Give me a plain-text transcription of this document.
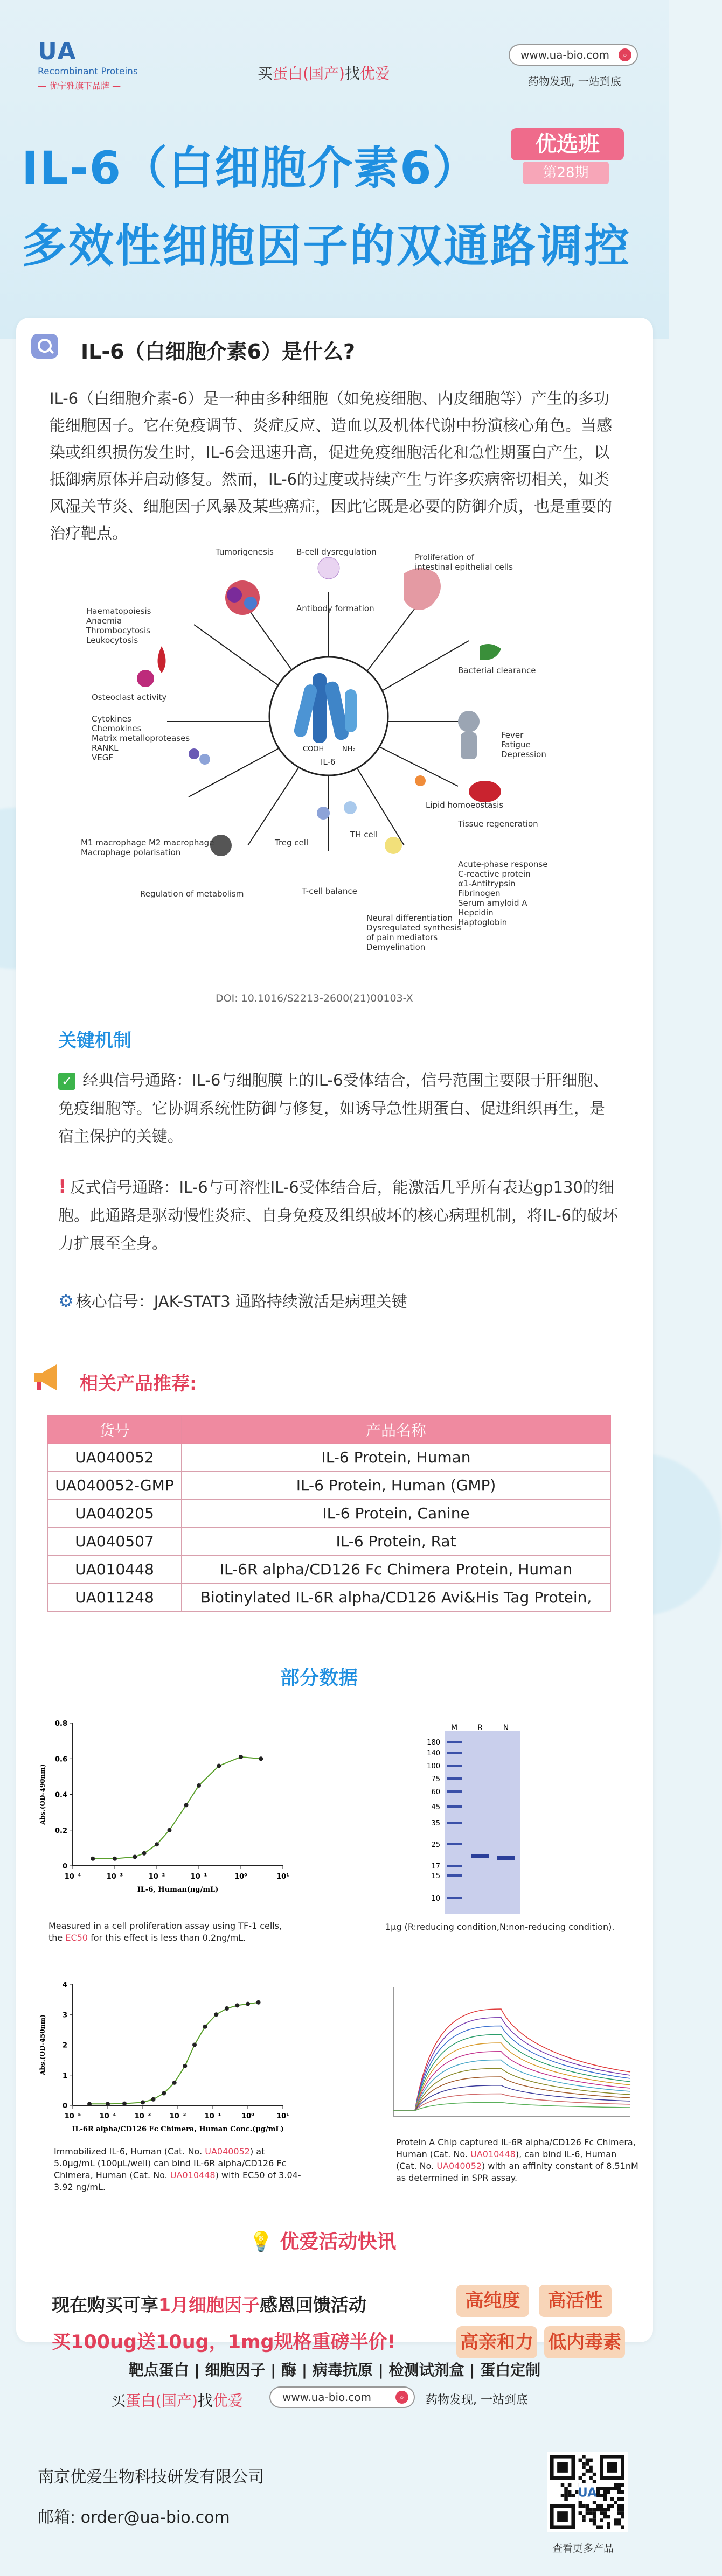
UA
Recombinant Proteins
— 优宁雅旗下品牌 —
买蛋白(国产)找优爱
www.ua-bio.com	⌕
药物发现, 一站到底
IL-6（白细胞介素6）	优选班
第28期
多效性细胞因子的双通路调控
IL-6（白细胞介素6）是什么?
IL-6（白细胞介素-6）是一种由多种细胞（如免疫细胞、内皮细胞等）产生的多功能细胞因子。它在免疫调节、炎症反应、造血以及机体代谢中扮演核心角色。当感染或组织损伤发生时，IL-6会迅速升高，促进免疫细胞活化和急性期蛋白产生，以抵御病原体并启动修复。然而，IL-6的过度或持续产生与许多疾病密切相关，如类风湿关节炎、细胞因子风暴及某些癌症，因此它既是必要的防御介质，也是重要的治疗靶点。
COOH	NH₂
IL-6
Haematopoiesis Anaemia Thrombocytosis Leukocytosis Tumorigenesis	B-cell dysregulation Antibody formation Proliferation of intestinal epithelial cells Osteoclast activity Cytokines Chemokines Matrix metalloproteases RANKL VEGF Bacterial clearance Fever Fatigue Depression Lipid homoeostasis Tissue regeneration M1 macrophage M2 macrophage Macrophage polarisation Acute-phase response C-reactive protein α1-Antitrypsin Fibrinogen Serum amyloid A Hepcidin Haptoglobin Treg cell TH cell T-cell balance Regulation of metabolism Neural differentiation Dysregulated synthesis of pain mediators Demyelination
DOI: 10.1016/S2213-2600(21)00103-X
关键机制
✓ 经典信号通路：IL-6与细胞膜上的IL-6受体结合，信号范围主要限于肝细胞、免疫细胞等。它协调系统性防御与修复，如诱导急性期蛋白、促进组织再生，是宿主保护的关键。
! 反式信号通路：IL-6与可溶性IL-6受体结合后，能激活几乎所有表达gp130的细胞。此通路是驱动慢性炎症、自身免疫及组织破坏的核心病理机制，将IL-6的破坏力扩展至全身。
⚙ 核心信号：JAK-STAT3 通路持续激活是病理关键
相关产品推荐:
货号	产品名称
UA040052	IL-6 Protein, Human
UA040052-GMP	IL-6 Protein, Human (GMP)
UA040205	IL-6 Protein, Canine
UA040507	IL-6 Protein, Rat
UA010448	IL-6R alpha/CD126 Fc Chimera Protein, Human
UA011248	Biotinylated IL-6R alpha/CD126 Avi&His Tag Protein,
部分数据
0
0.2
0.4
0.6
0.8
10⁻⁴	10⁻³	10⁻²	10⁻¹	10⁰	10¹
IL-6, Human(ng/mL)
Abs.(OD-490nm)
Measured in a cell proliferation assay using TF-1 cells,
the EC50 for this effect is less than 0.2ng/mL.
M	R	N
180
140
100
75
60
45
35
25
17
15
10
1μg (R:reducing condition,N:non-reducing condition).
0
1
2
3
4
10⁻⁵	10⁻⁴	10⁻³	10⁻²	10⁻¹	10⁰	10¹
IL-6R alpha/CD126 Fc Chimera, Human Conc.(μg/mL)
Abs.(OD-450nm)
Immobilized IL-6, Human (Cat. No. UA040052) at 5.0μg/mL (100μL/well) can bind IL-6R alpha/CD126 Fc Chimera, Human (Cat. No. UA010448) with EC50 of 3.04-3.92 ng/mL.
Protein A Chip captured IL-6R alpha/CD126 Fc Chimera, Human (Cat. No. UA010448), can bind IL-6, Human (Cat. No. UA040052) with an affinity constant of 8.51nM as determined in SPR assay.
💡 优爱活动快讯
现在购买可享1月细胞因子感恩回馈活动
买100ug送10ug，1mg规格重磅半价!
高纯度	高活性
高亲和力 低内毒素
靶点蛋白 | 细胞因子 | 酶 | 病毒抗原 | 检测试剂盒 | 蛋白定制
买蛋白(国产)找优爱	www.ua-bio.com	⌕	药物发现, 一站到底
南京优爱生物科技研发有限公司
邮箱: order@ua-bio.com
UA
查看更多产品
